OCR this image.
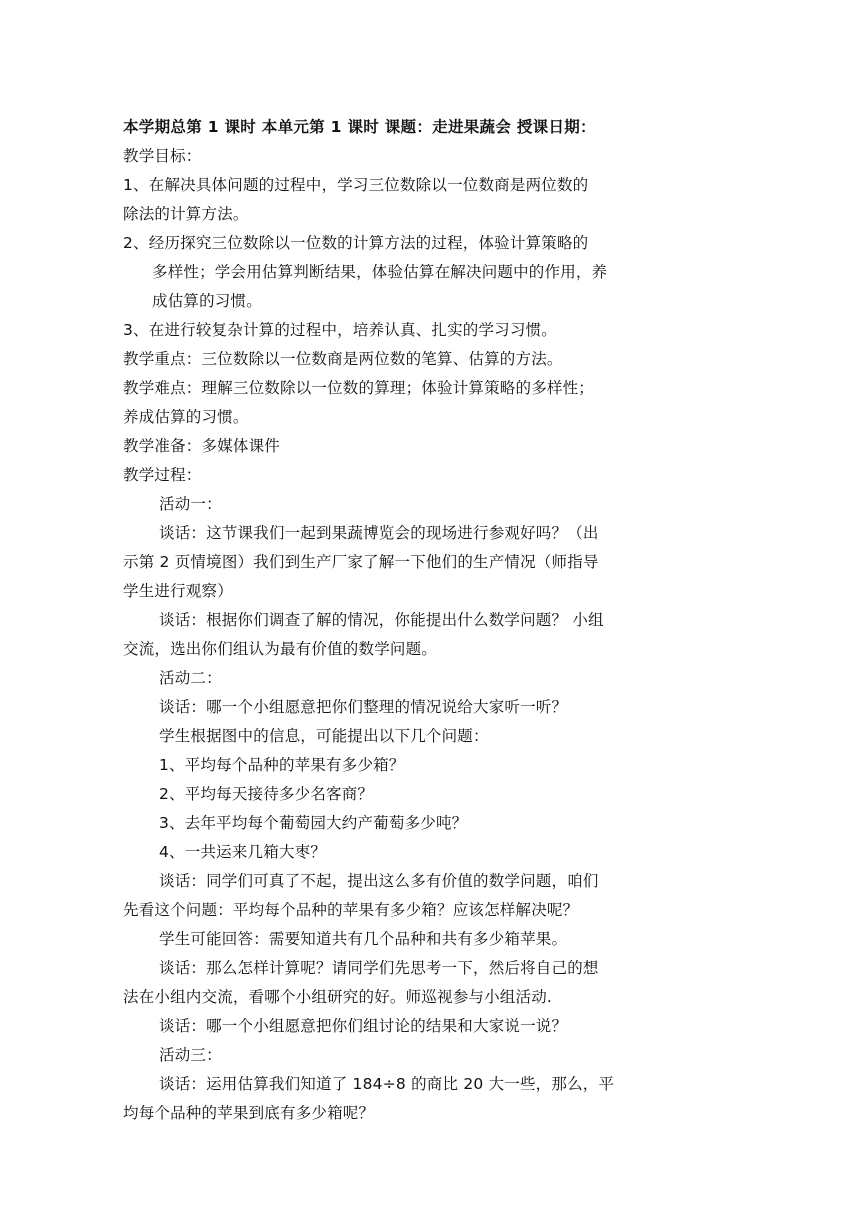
本学期总第 1 课时 本单元第 1 课时 课题：走进果蔬会 授课日期：
教学目标：
1、在解决具体问题的过程中，学习三位数除以一位数商是两位数的
除法的计算方法。
2、经历探究三位数除以一位数的计算方法的过程，体验计算策略的
多样性；学会用估算判断结果，体验估算在解决问题中的作用，养
成估算的习惯。
3、在进行较复杂计算的过程中，培养认真、扎实的学习习惯。
教学重点：三位数除以一位数商是两位数的笔算、估算的方法。
教学难点：理解三位数除以一位数的算理；体验计算策略的多样性；
养成估算的习惯。
教学准备：多媒体课件
教学过程：
活动一：
谈话：这节课我们一起到果蔬博览会的现场进行参观好吗？（出
示第 2 页情境图）我们到生产厂家了解一下他们的生产情况（师指导
学生进行观察）
谈话：根据你们调查了解的情况，你能提出什么数学问题？ 小组
交流，选出你们组认为最有价值的数学问题。
活动二：
谈话：哪一个小组愿意把你们整理的情况说给大家听一听？
学生根据图中的信息，可能提出以下几个问题：
1、平均每个品种的苹果有多少箱？
2、平均每天接待多少名客商？
3、去年平均每个葡萄园大约产葡萄多少吨？
4、一共运来几箱大枣？
谈话：同学们可真了不起，提出这么多有价值的数学问题，咱们
先看这个问题：平均每个品种的苹果有多少箱？应该怎样解决呢？
学生可能回答：需要知道共有几个品种和共有多少箱苹果。
谈话：那么怎样计算呢？请同学们先思考一下，然后将自己的想
法在小组内交流，看哪个小组研究的好。师巡视参与小组活动.
谈话：哪一个小组愿意把你们组讨论的结果和大家说一说？
活动三：
谈话：运用估算我们知道了 184÷8 的商比 20 大一些，那么，平
均每个品种的苹果到底有多少箱呢？
